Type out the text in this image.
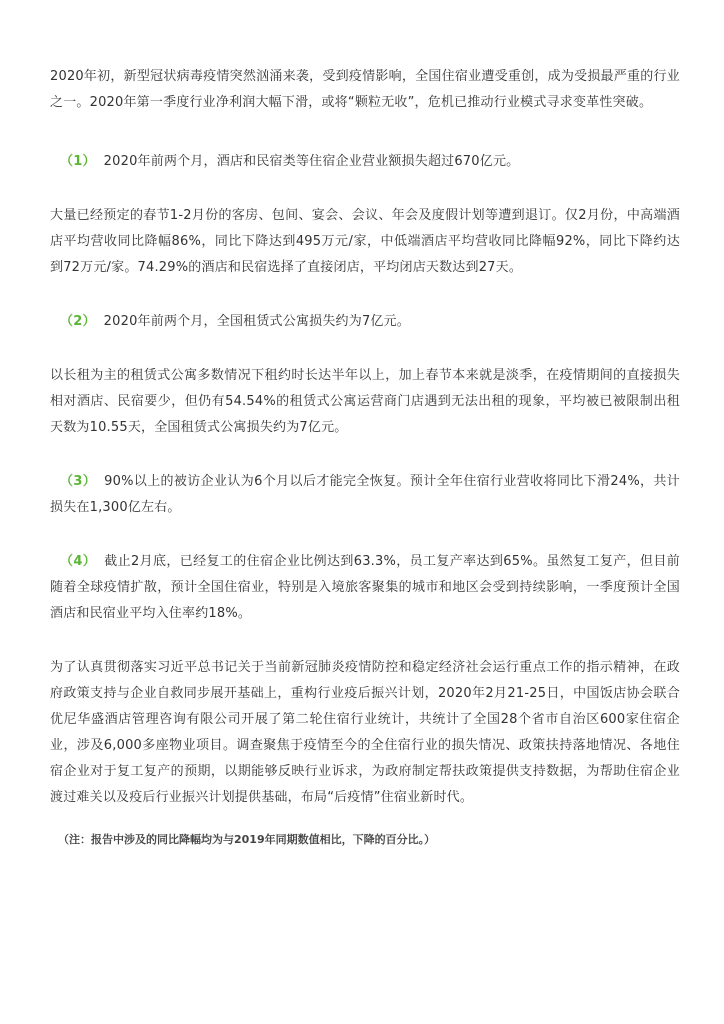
2020年初，新型冠状病毒疫情突然汹涌来袭，受到疫情影响，全国住宿业遭受重创，成为受损最严重的行业之一。2020年第一季度行业净利润大幅下滑，或将“颗粒无收”，危机已推动行业模式寻求变革性突破。

（1） 2020年前两个月，酒店和民宿类等住宿企业营业额损失超过670亿元。

大量已经预定的春节1-2月份的客房、包间、宴会、会议、年会及度假计划等遭到退订。仅2月份，中高端酒店平均营收同比降幅86%，同比下降达到495万元/家，中低端酒店平均营收同比降幅92%，同比下降约达到72万元/家。74.29%的酒店和民宿选择了直接闭店，平均闭店天数达到27天。

（2） 2020年前两个月，全国租赁式公寓损失约为7亿元。

以长租为主的租赁式公寓多数情况下租约时长达半年以上，加上春节本来就是淡季，在疫情期间的直接损失相对酒店、民宿要少，但仍有54.54%的租赁式公寓运营商门店遇到无法出租的现象，平均被已被限制出租天数为10.55天，全国租赁式公寓损失约为7亿元。

（3） 90%以上的被访企业认为6个月以后才能完全恢复。预计全年住宿行业营收将同比下滑24%，共计损失在1,300亿左右。

（4） 截止2月底，已经复工的住宿企业比例达到63.3%，员工复产率达到65%。虽然复工复产，但目前随着全球疫情扩散，预计全国住宿业，特别是入境旅客聚集的城市和地区会受到持续影响，一季度预计全国酒店和民宿业平均入住率约18%。

为了认真贯彻落实习近平总书记关于当前新冠肺炎疫情防控和稳定经济社会运行重点工作的指示精神，在政府政策支持与企业自救同步展开基础上，重构行业疫后振兴计划，2020年2月21-25日，中国饭店协会联合优尼华盛酒店管理咨询有限公司开展了第二轮住宿行业统计，共统计了全国28个省市自治区600家住宿企业，涉及6,000多座物业项目。调查聚焦于疫情至今的全住宿行业的损失情况、政策扶持落地情况、各地住宿企业对于复工复产的预期，以期能够反映行业诉求，为政府制定帮扶政策提供支持数据，为帮助住宿企业渡过难关以及疫后行业振兴计划提供基础，布局“后疫情”住宿业新时代。

（注：报告中涉及的同比降幅均为与2019年同期数值相比，下降的百分比。）
